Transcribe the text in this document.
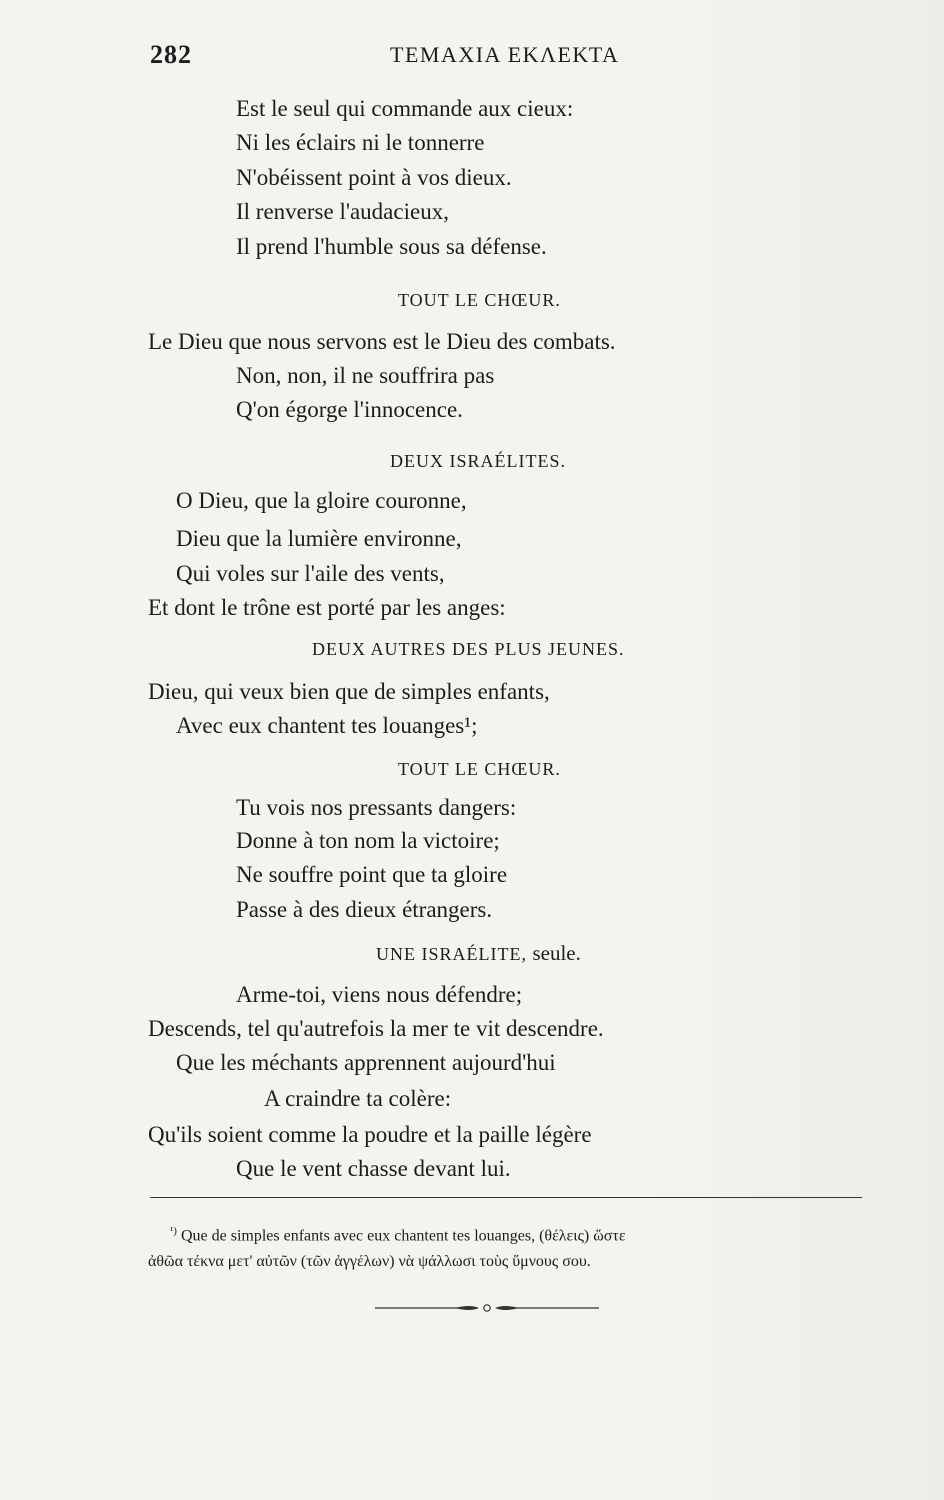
282	ΤΕΜΑΧΙΑ ΕΚΛΕΚΤΑ
Est le seul qui commande aux cieux:
Ni les éclairs ni le tonnerre
N'obéissent point à vos dieux.
Il renverse l'audacieux,
Il prend l'humble sous sa défense.
TOUT LE CHŒUR.
Le Dieu que nous servons est le Dieu des combats.
Non, non, il ne souffrira pas
Q'on égorge l'innocence.
DEUX ISRAÉLITES.
O Dieu, que la gloire couronne,
Dieu que la lumière environne,
Qui voles sur l'aile des vents,
Et dont le trône est porté par les anges:
DEUX AUTRES DES PLUS JEUNES.
Dieu, qui veux bien que de simples enfants,
Avec eux chantent tes louanges¹;
TOUT LE CHŒUR.
Tu vois nos pressants dangers:
Donne à ton nom la victoire;
Ne souffre point que ta gloire
Passe à des dieux étrangers.
UNE ISRAÉLITE, seule.
Arme-toi, viens nous défendre;
Descends, tel qu'autrefois la mer te vit descendre.
Que les méchants apprennent aujourd'hui
A craindre ta colère:
Qu'ils soient comme la poudre et la paille légère
Que le vent chasse devant lui.
$^{^1)}$ Que de simples enfants avec eux chantent tes louanges, (θέλεις) ὥστε
ἀθῶα τέκνα μετ' αὐτῶν (τῶν ἀγγέλων) νὰ ψάλλωσι τοὺς ὕμνους σου.
